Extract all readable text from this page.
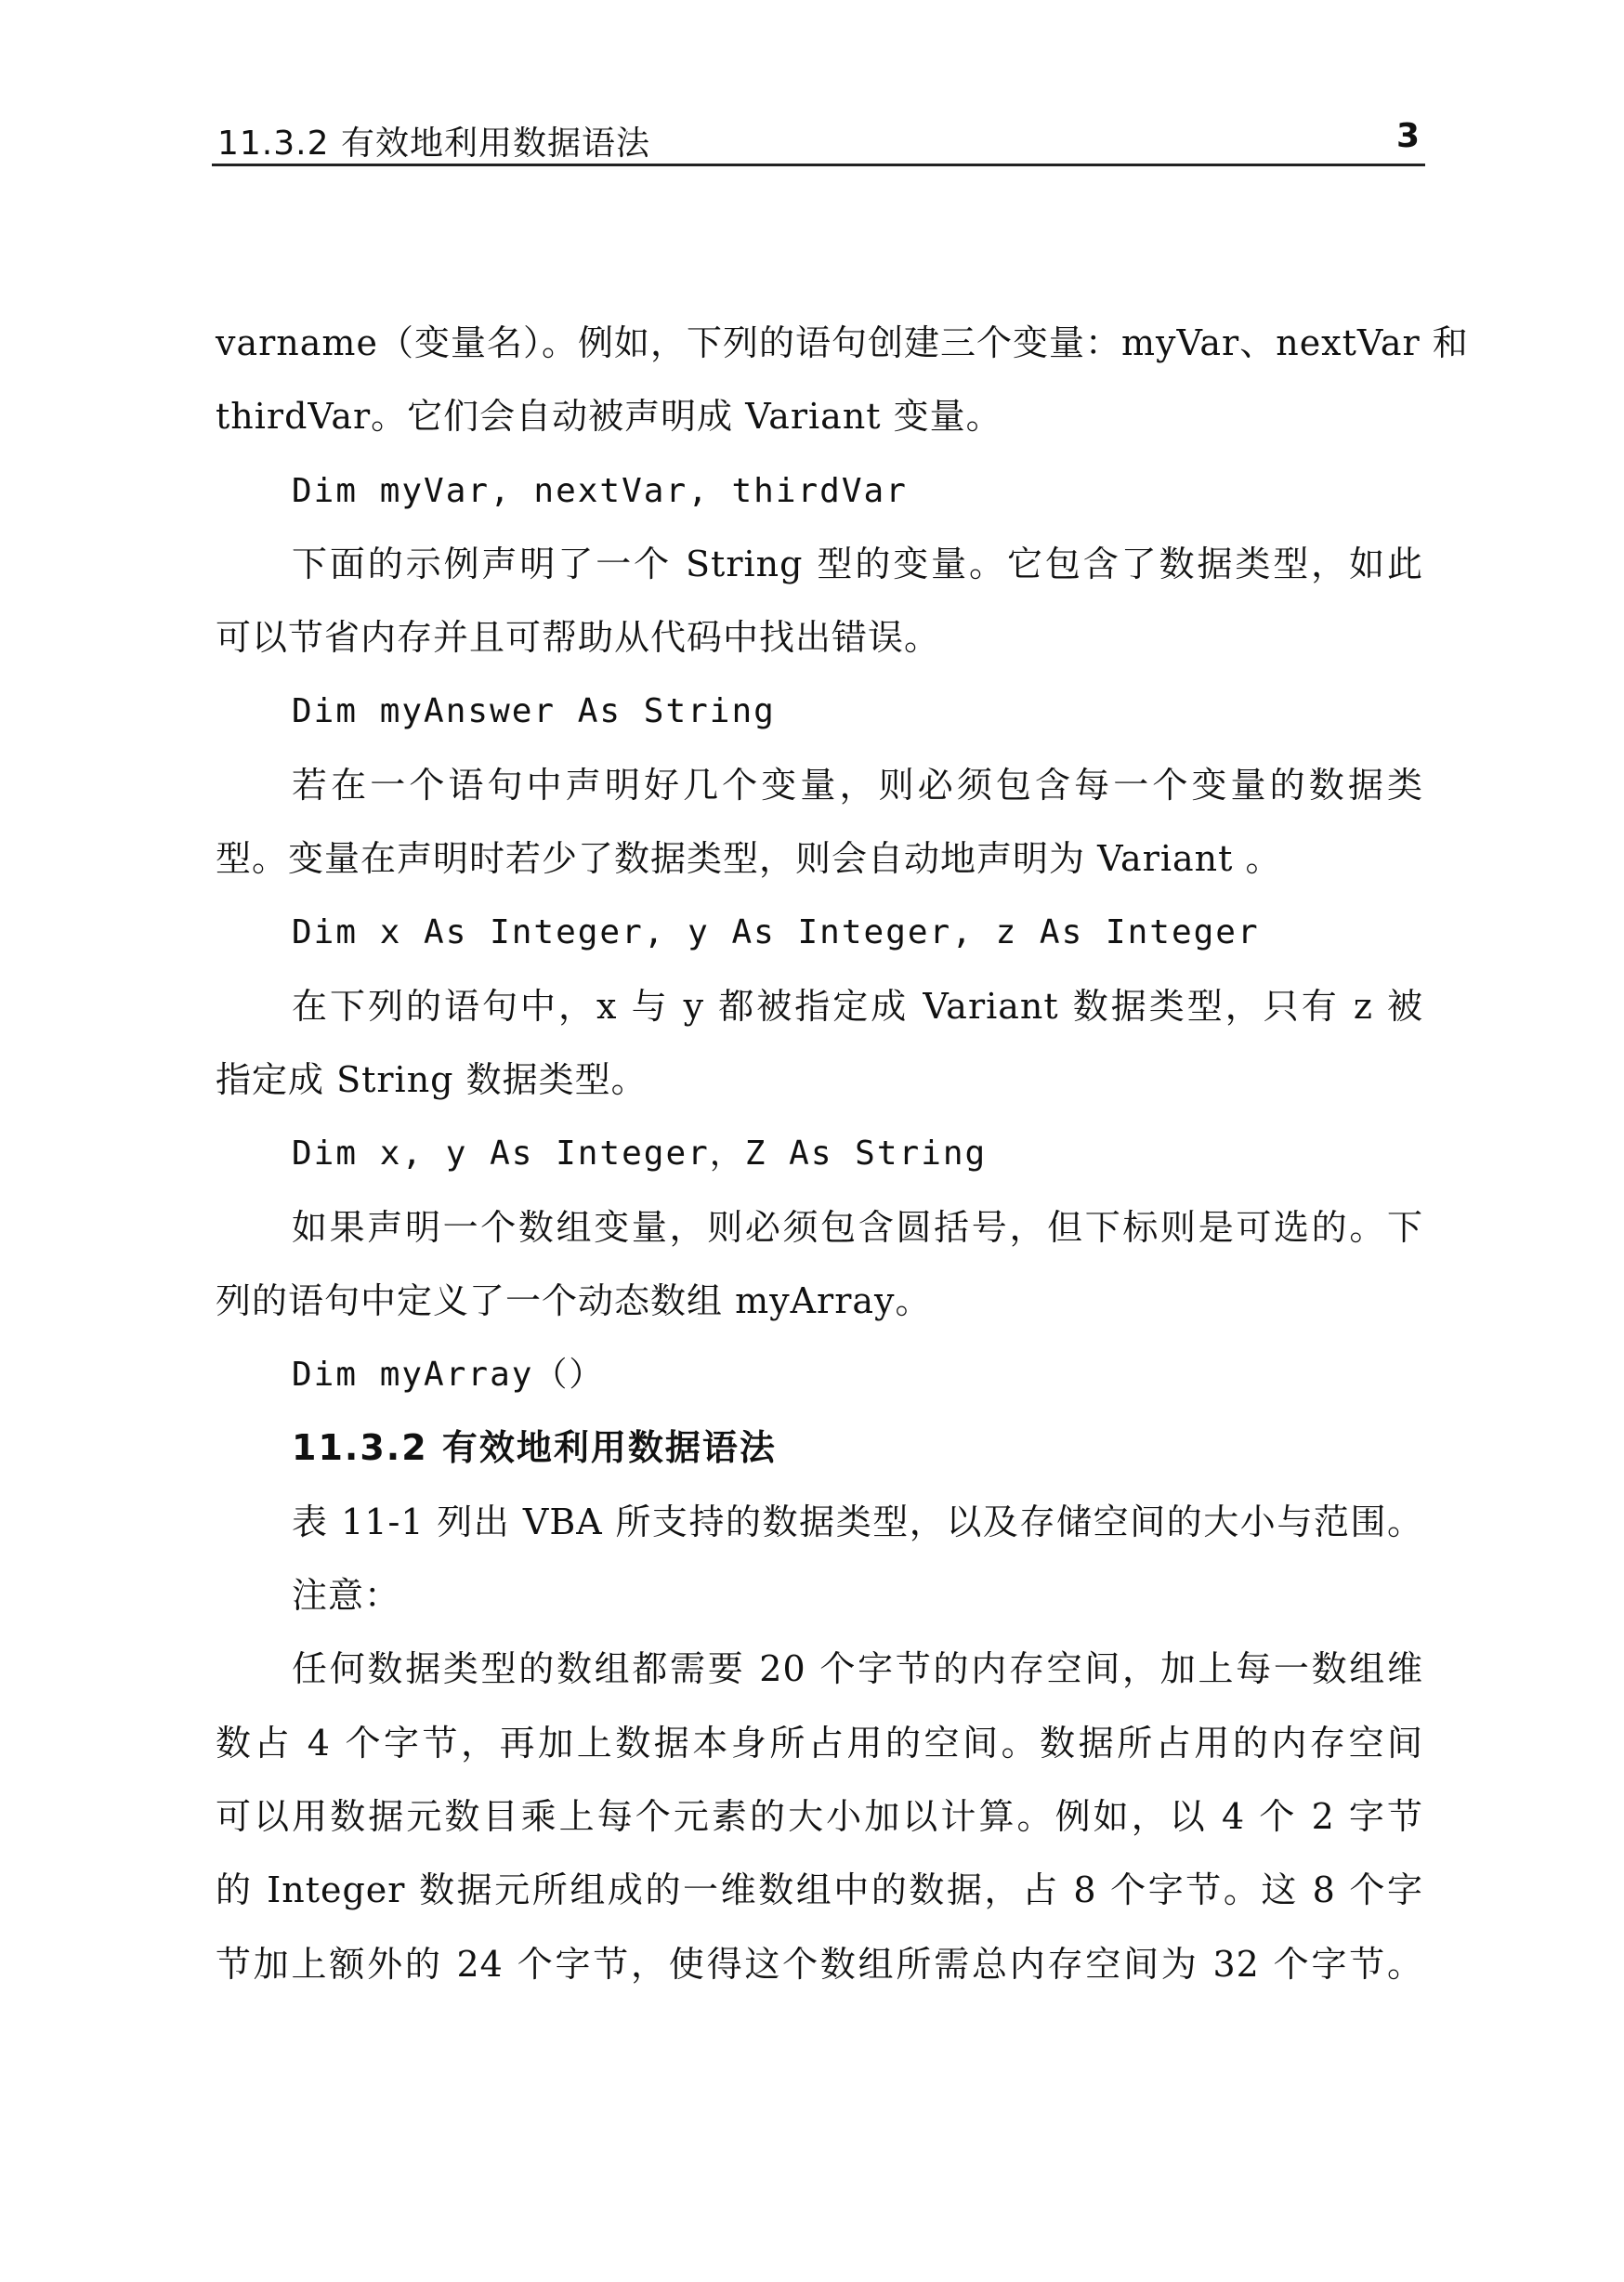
11.3.2 有效地利用数据语法	3
varname（变量名）。例如，下列的语句创建三个变量：myVar、nextVar 和
thirdVar。它们会自动被声明成 Variant 变量。
Dim myVar, nextVar, thirdVar
下面的示例声明了一个 String 型的变量。它包含了数据类型，如此
可以节省内存并且可帮助从代码中找出错误。
Dim myAnswer As String
若在一个语句中声明好几个变量，则必须包含每一个变量的数据类
型。变量在声明时若少了数据类型，则会自动地声明为 Variant 。
Dim x As Integer, y As Integer, z As Integer
在下列的语句中，x 与 y 都被指定成 Variant 数据类型，只有 z 被
指定成 String 数据类型。
Dim x, y As Integer，Z As String
如果声明一个数组变量，则必须包含圆括号，但下标则是可选的。下
列的语句中定义了一个动态数组 myArray。
Dim myArray（）
11.3.2 有效地利用数据语法
表 11-1 列出 VBA 所支持的数据类型，以及存储空间的大小与范围。
注意：
任何数据类型的数组都需要 20 个字节的内存空间，加上每一数组维
数占 4 个字节，再加上数据本身所占用的空间。数据所占用的内存空间
可以用数据元数目乘上每个元素的大小加以计算。例如，以 4 个 2 字节
的 Integer 数据元所组成的一维数组中的数据，占 8 个字节。这 8 个字
节加上额外的 24 个字节，使得这个数组所需总内存空间为 32 个字节。
